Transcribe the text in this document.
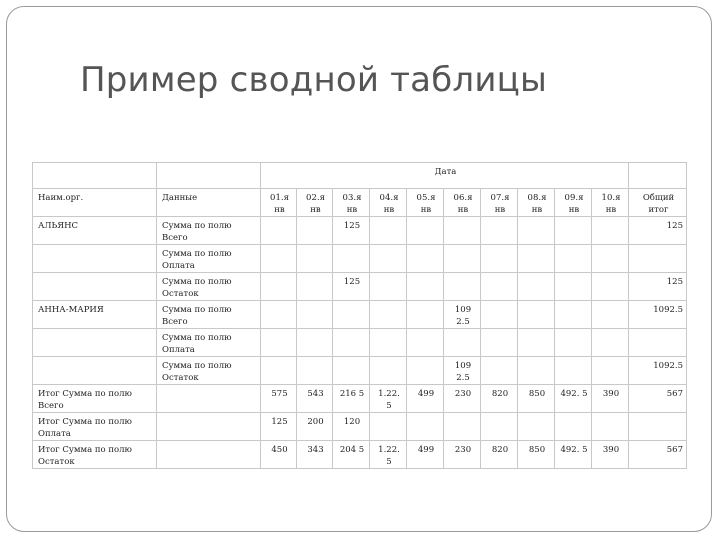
Пример сводной таблицы
		Дата										
Наим.орг.	Данные	01.я нв	02.я нв	03.я нв	04.я нв	05.я нв	06.я нв	07.я нв	08.я нв	09.я нв	10.я нв	Общий итог
АЛЬЯНС	Сумма по полю Всего			125								125
	Сумма по полю Оплата											
	Сумма по полю Остаток			125								125
АННА-МАРИЯ	Сумма по полю Всего						109 2.5					1092.5
	Сумма по полю Оплата											
	Сумма по полю Остаток						109 2.5					1092.5
Итог Сумма по полю Всего		575	543	216 5	1.22. 5	499	230	820	850	492. 5	390	567
Итог Сумма по полю Оплата		125	200	120								
Итог Сумма по полю Остаток		450	343	204 5	1.22. 5	499	230	820	850	492. 5	390	567
